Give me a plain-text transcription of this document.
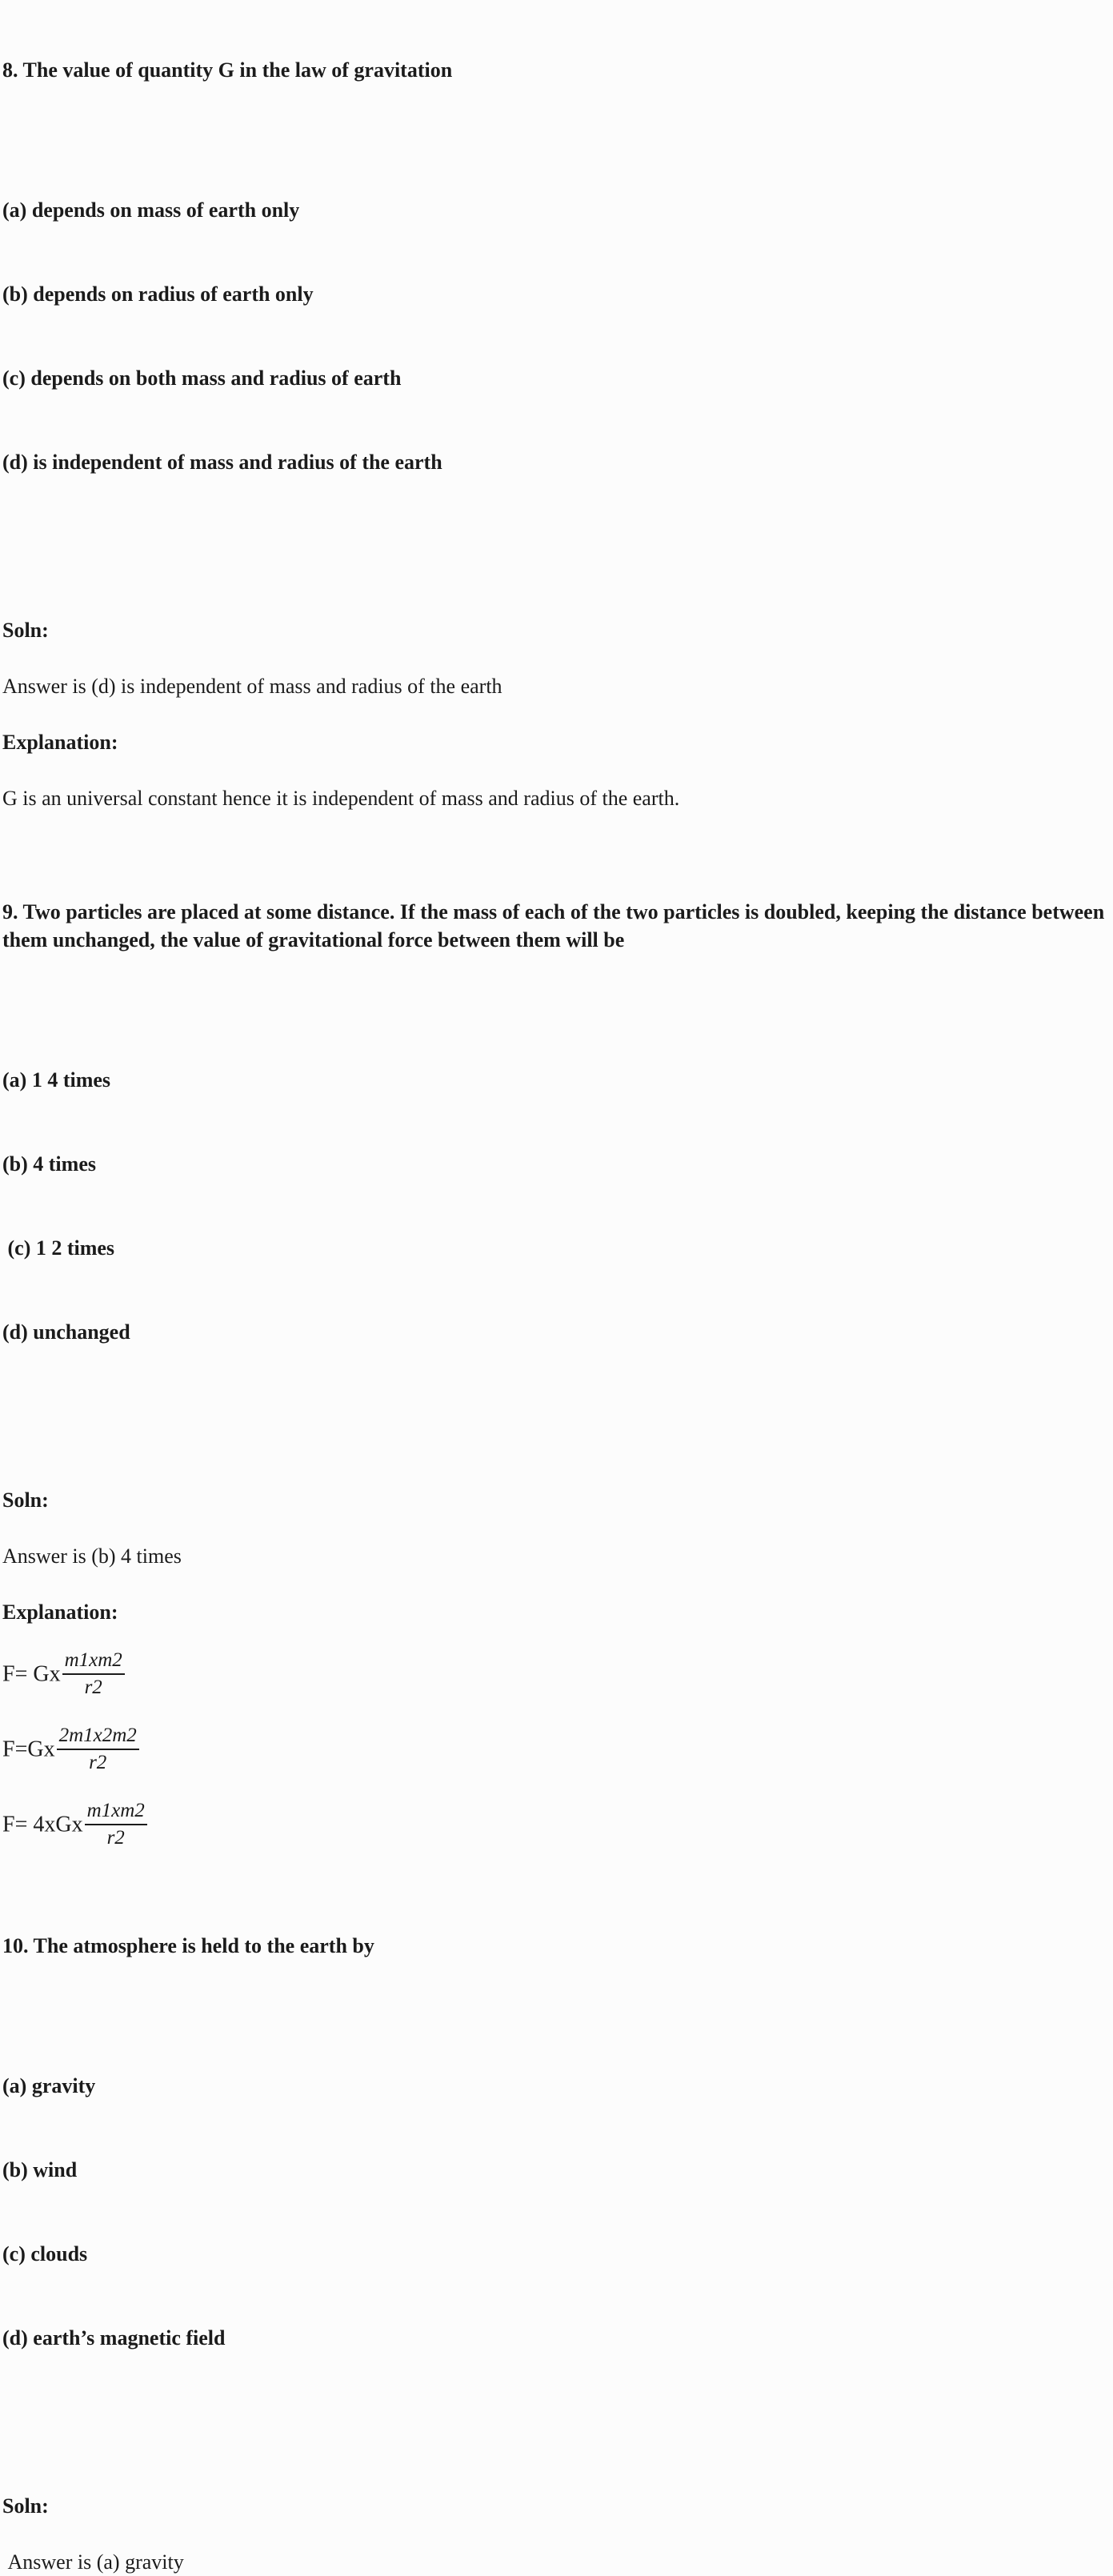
8. The value of quantity G in the law of gravitation

(a) depends on mass of earth only

(b) depends on radius of earth only

(c) depends on both mass and radius of earth

(d) is independent of mass and radius of the earth

Soln:
Answer is (d) is independent of mass and radius of the earth
Explanation:
G is an universal constant hence it is independent of mass and radius of the earth.

9. Two particles are placed at some distance. If the mass of each of the two particles is doubled, keeping the distance between them unchanged, the value of gravitational force between them will be

(a) 1 4 times

(b) 4 times

(c) 1 2 times

(d) unchanged

Soln:
Answer is (b) 4 times
Explanation:
F= Gx $\frac{m1xm2}{r2}$
$F=Gx \frac{2m1x2m2}{r2}$
$F= 4xGx \frac{m1xm2}{r2}$

10. The atmosphere is held to the earth by

(a) gravity

(b) wind

(c) clouds

(d) earth’s magnetic field

Soln:
Answer is (a) gravity
